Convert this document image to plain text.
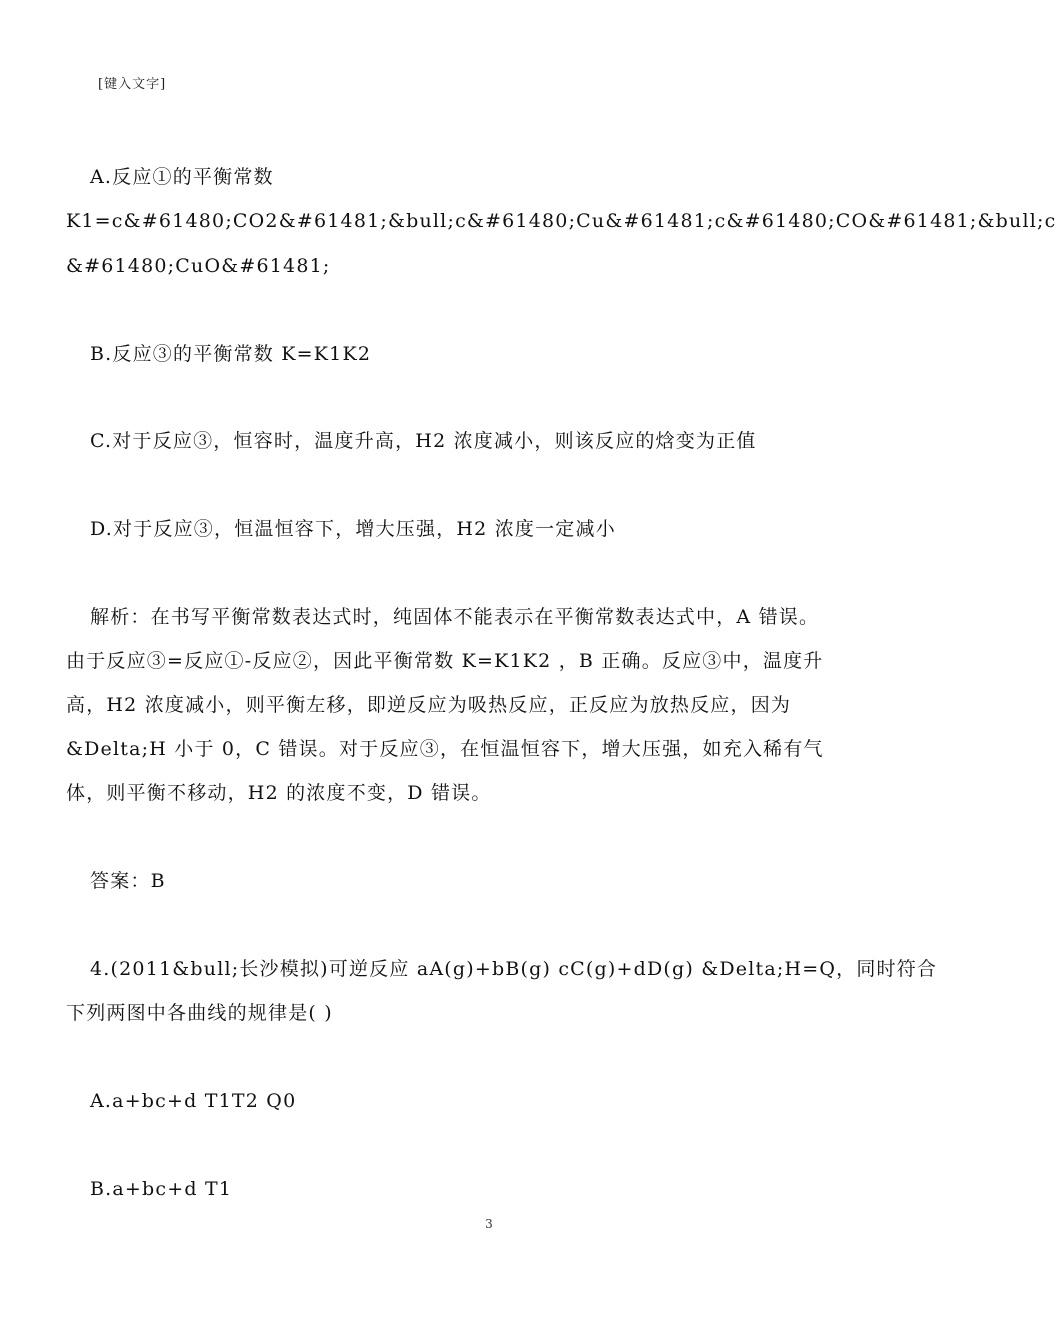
[键入文字]
A.反应①的平衡常数
K1=c&#61480;CO2&#61481;&bull;c&#61480;Cu&#61481;c&#61480;CO&#61481;&bull;c
&#61480;CuO&#61481;
B.反应③的平衡常数 K=K1K2
C.对于反应③，恒容时，温度升高，H2 浓度减小，则该反应的焓变为正值
D.对于反应③，恒温恒容下，增大压强，H2 浓度一定减小
解析：在书写平衡常数表达式时，纯固体不能表示在平衡常数表达式中，A 错误。
由于反应③=反应①-反应②，因此平衡常数 K=K1K2 ，B 正确。反应③中，温度升
高，H2 浓度减小，则平衡左移，即逆反应为吸热反应，正反应为放热反应，因为
&Delta;H 小于 0，C 错误。对于反应③，在恒温恒容下，增大压强，如充入稀有气
体，则平衡不移动，H2 的浓度不变，D 错误。
答案：B
4.(2011&bull;长沙模拟)可逆反应 aA(g)+bB(g) cC(g)+dD(g) &Delta;H=Q，同时符合
下列两图中各曲线的规律是( )
A.a+bc+d T1T2 Q0
B.a+bc+d T1
3
